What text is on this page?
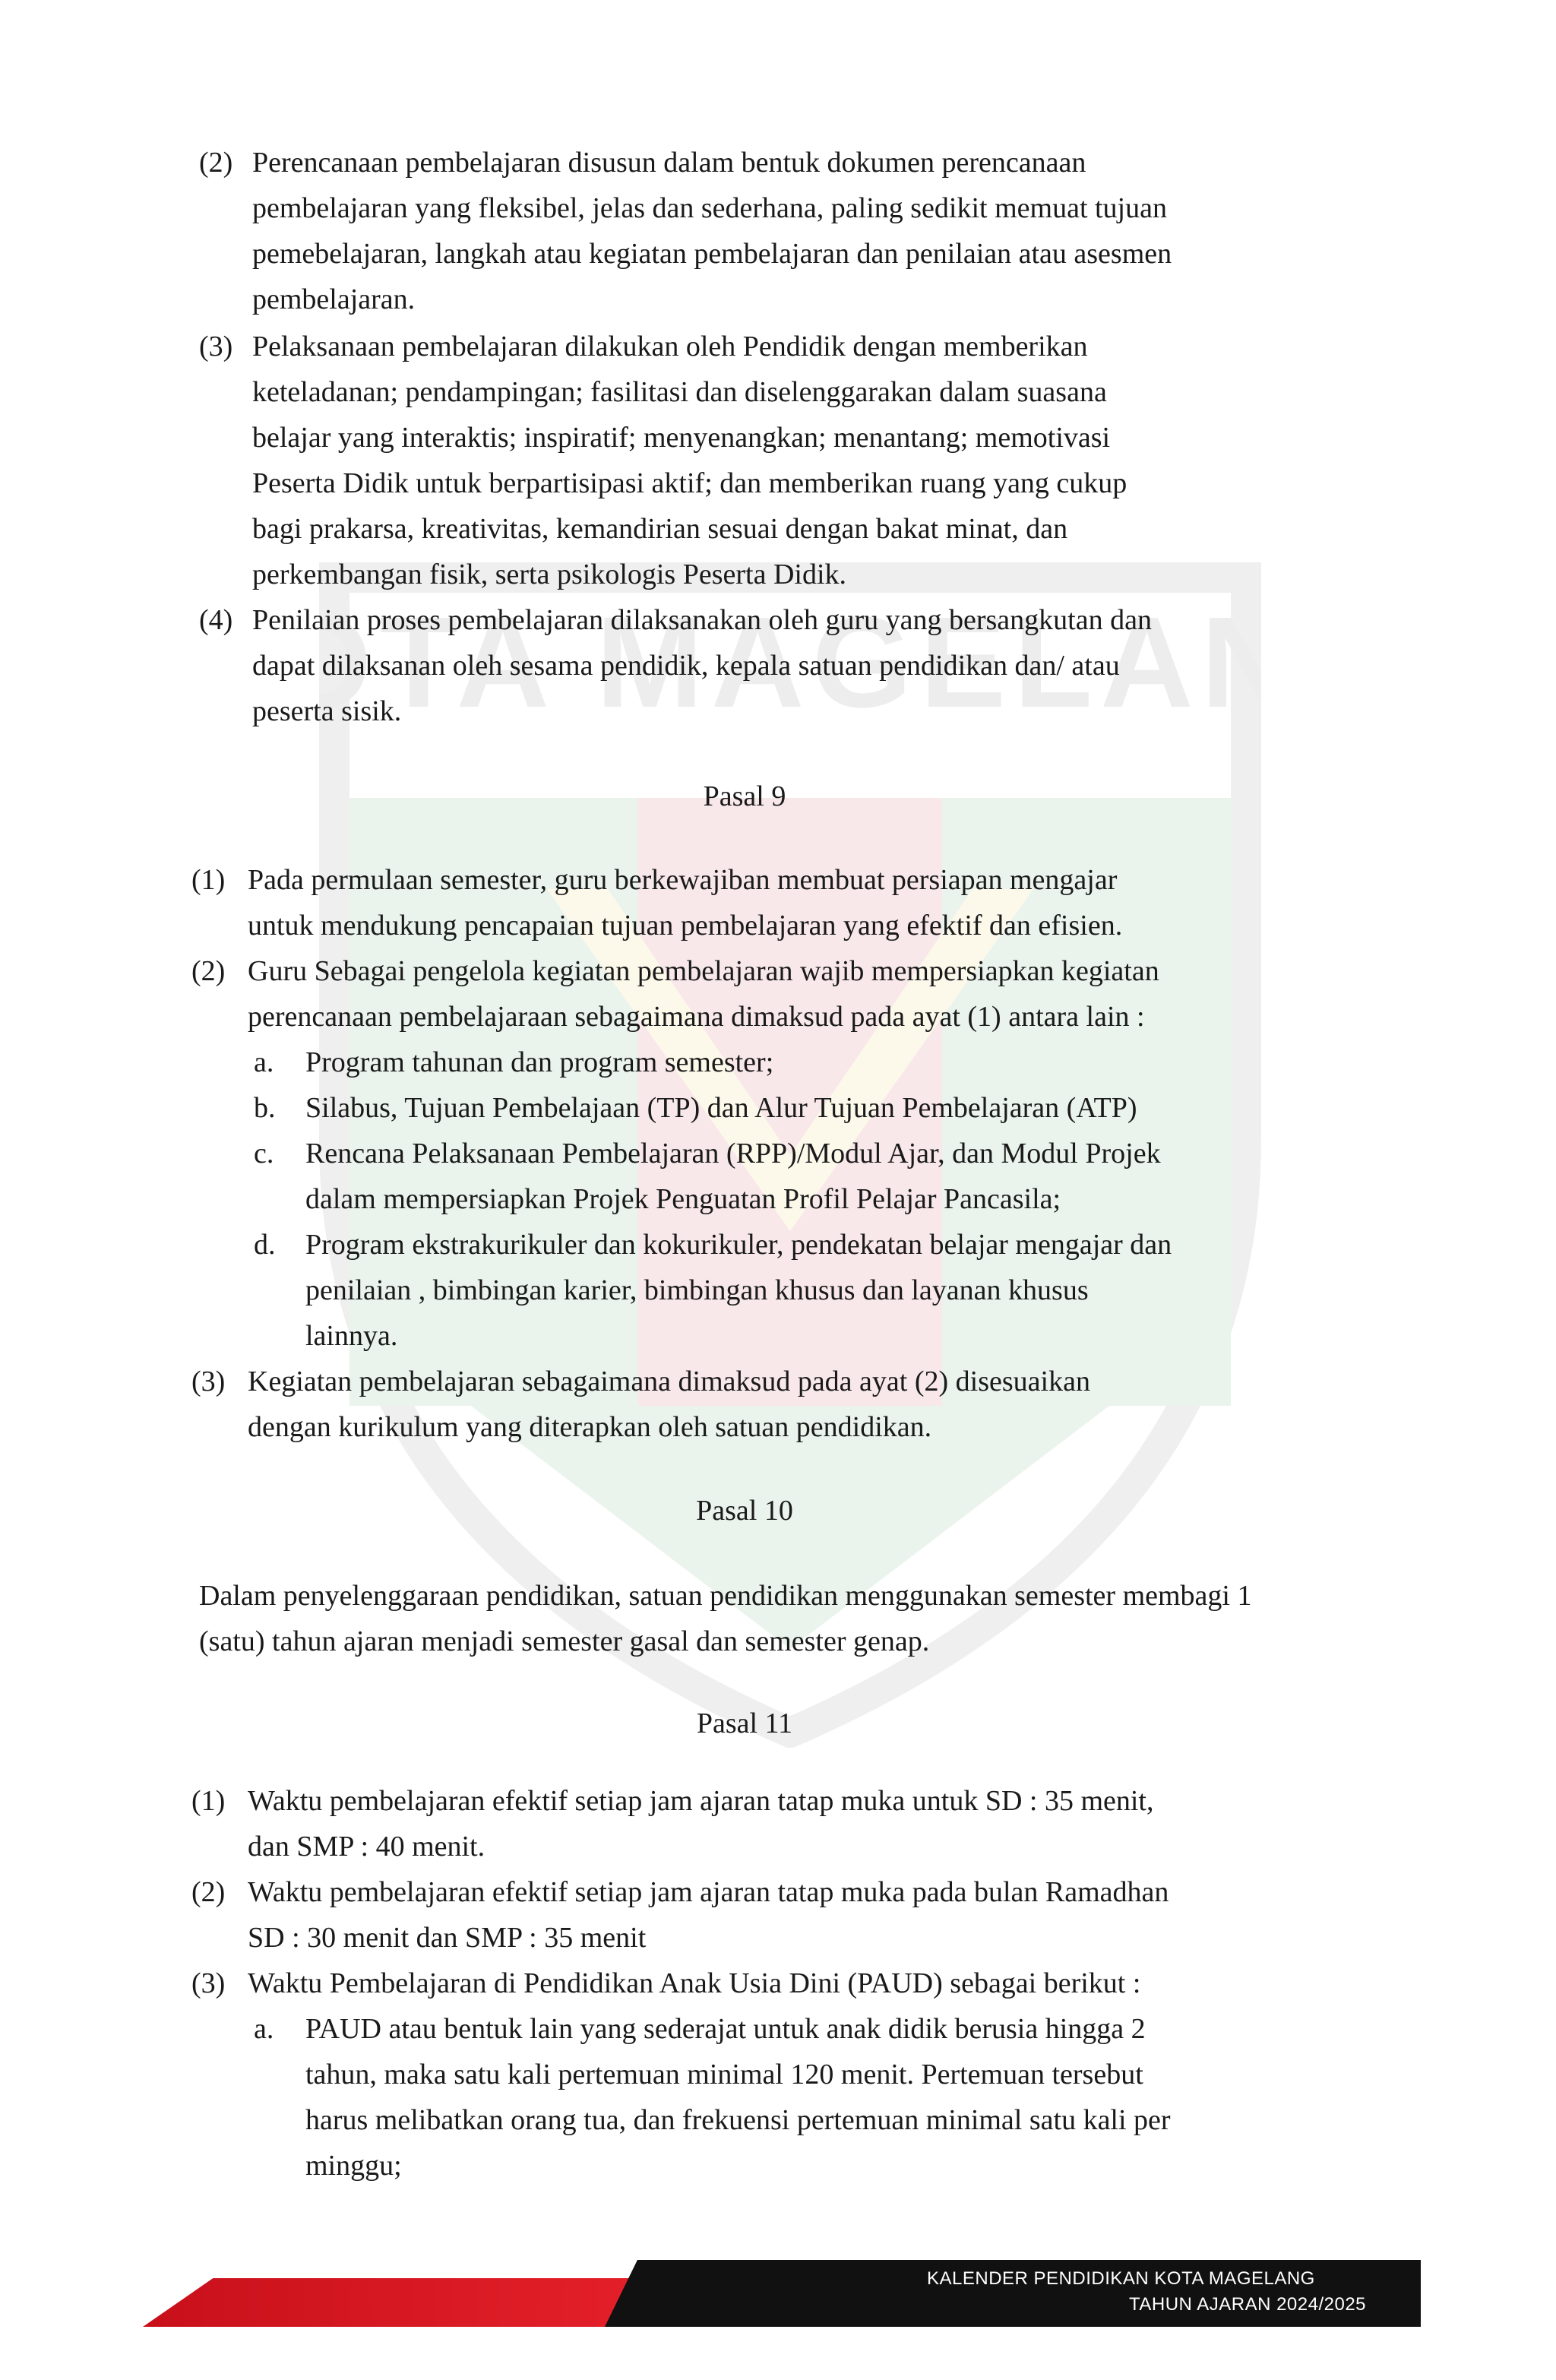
OTA MAGELAN
(2) Perencanaan pembelajaran disusun dalam bentuk dokumen perencanaan
pembelajaran yang fleksibel, jelas dan sederhana, paling sedikit memuat tujuan
pemebelajaran, langkah atau kegiatan pembelajaran dan penilaian atau asesmen
pembelajaran.
(3) Pelaksanaan pembelajaran dilakukan oleh Pendidik dengan memberikan
keteladanan; pendampingan; fasilitasi dan diselenggarakan dalam suasana
belajar yang interaktis; inspiratif; menyenangkan; menantang; memotivasi
Peserta Didik untuk berpartisipasi aktif; dan memberikan ruang yang cukup
bagi prakarsa, kreativitas, kemandirian sesuai dengan bakat minat, dan
perkembangan fisik, serta psikologis Peserta Didik.
(4) Penilaian proses pembelajaran dilaksanakan oleh guru yang bersangkutan dan
dapat dilaksanan oleh sesama pendidik, kepala satuan pendidikan dan/ atau
peserta sisik.
Pasal 9
(1) Pada permulaan semester, guru berkewajiban membuat persiapan mengajar
untuk mendukung pencapaian tujuan pembelajaran yang efektif dan efisien.
(2) Guru Sebagai pengelola kegiatan pembelajaran wajib mempersiapkan kegiatan
perencanaan pembelajaraan sebagaimana dimaksud pada ayat (1) antara lain :
a. Program tahunan dan program semester;
b. Silabus, Tujuan Pembelajaan (TP) dan Alur Tujuan Pembelajaran (ATP)
c. Rencana Pelaksanaan Pembelajaran (RPP)/Modul Ajar, dan Modul Projek
dalam mempersiapkan Projek Penguatan Profil Pelajar Pancasila;
d. Program ekstrakurikuler dan kokurikuler, pendekatan belajar mengajar dan
penilaian , bimbingan karier, bimbingan khusus dan layanan khusus
lainnya.
(3) Kegiatan pembelajaran sebagaimana dimaksud pada ayat (2) disesuaikan
dengan kurikulum yang diterapkan oleh satuan pendidikan.
Pasal 10
Dalam penyelenggaraan pendidikan, satuan pendidikan menggunakan semester membagi 1
(satu) tahun ajaran menjadi semester gasal dan semester genap.
Pasal 11
(1) Waktu pembelajaran efektif setiap jam ajaran tatap muka untuk SD : 35 menit,
dan SMP : 40 menit.
(2) Waktu pembelajaran efektif setiap jam ajaran tatap muka pada bulan Ramadhan
SD : 30 menit dan SMP : 35 menit
(3) Waktu Pembelajaran di Pendidikan Anak Usia Dini (PAUD) sebagai berikut :
a. PAUD atau bentuk lain yang sederajat untuk anak didik berusia hingga 2
tahun, maka satu kali pertemuan minimal 120 menit. Pertemuan tersebut
harus melibatkan orang tua, dan frekuensi pertemuan minimal satu kali per
minggu;
KALENDER PENDIDIKAN KOTA MAGELANG
TAHUN AJARAN 2024/2025
